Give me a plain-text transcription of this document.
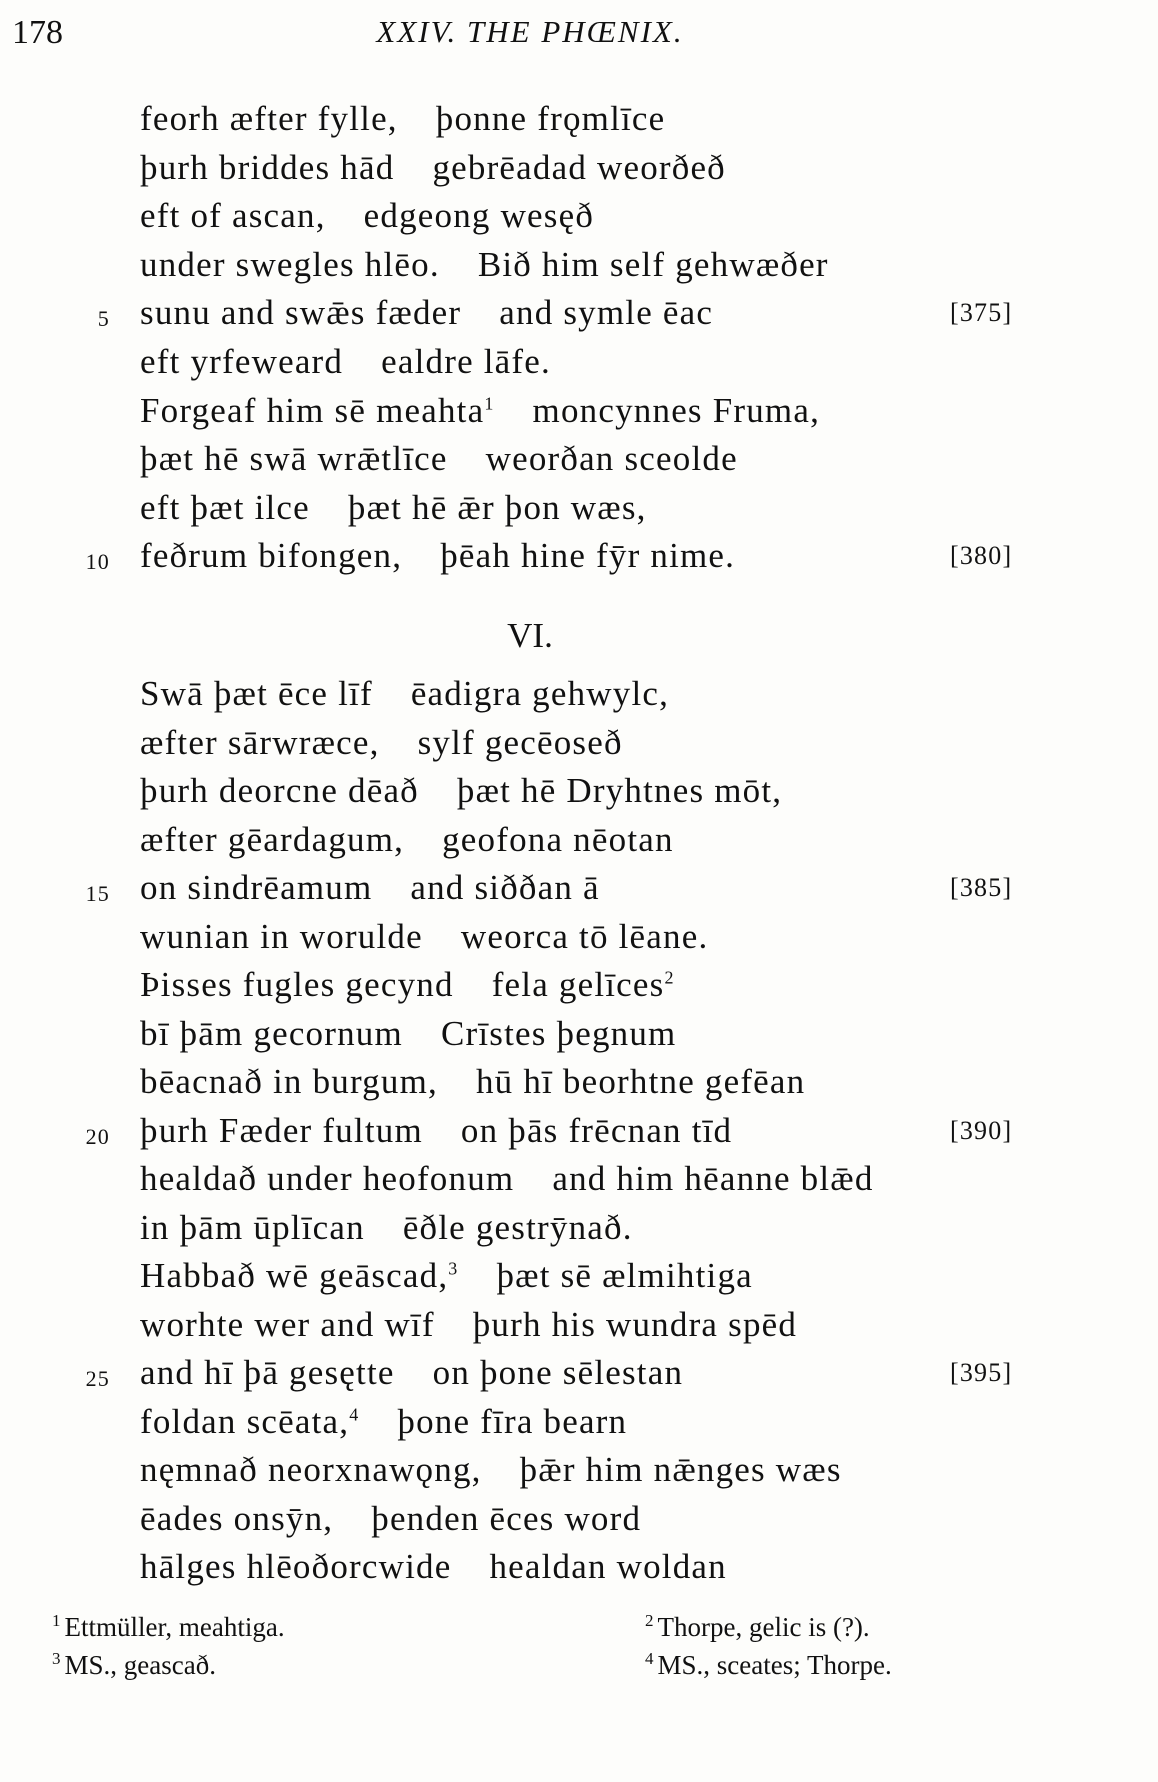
178	XXIV. THE PHŒNIX.
VI.
feorh æfter fylle, þonne frǫmlīce
þurh briddes hād gebrēadad weorðeð
eft of ascan, edgeong wesęð
under swegles hlēo. Bið him self gehwæðer
5 sunu and swǣs fæder and symle ēac	[375]
eft yrfeweard ealdre lāfe.
Forgeaf him sē meahta$^1$ moncynnes Fruma,
þæt hē swā wrǣtlīce weorðan sceolde
eft þæt ilce þæt hē ǣr þon wæs,
10 feðrum bifongen, þēah hine fȳr nime.	[380]
Swā þæt ēce līf ēadigra gehwylc,
æfter sārwræce, sylf gecēoseð
þurh deorcne dēað þæt hē Dryhtnes mōt,
æfter gēardagum, geofona nēotan
15 on sindrēamum and siððan ā	[385]
wunian in worulde weorca tō lēane.
Þisses fugles gecynd fela gelīces$^2$
bī þām gecornum Crīstes þegnum
bēacnað in burgum, hū hī beorhtne gefēan
20 þurh Fæder fultum on þās frēcnan tīd	[390]
healdað under heofonum and him hēanne blǣd
in þām ūplīcan ēðle gestrȳnað.
Habbað wē geāscad,$^3$ þæt sē ælmihtiga
worhte wer and wīf þurh his wundra spēd
25 and hī þā gesętte on þone sēlestan	[395]
foldan scēata,$^4$ þone fīra bearn
nęmnað neorxnawǫng, þǣr him nǣnges wæs
ēades onsȳn, þenden ēces word
hālges hlēoðorcwide healdan woldan
$^1$ Ettmüller, meahtiga.	$^2$ Thorpe, gelic is (?).
$^3$ MS., geascað.	$^4$ MS., sceates; Thorpe.
